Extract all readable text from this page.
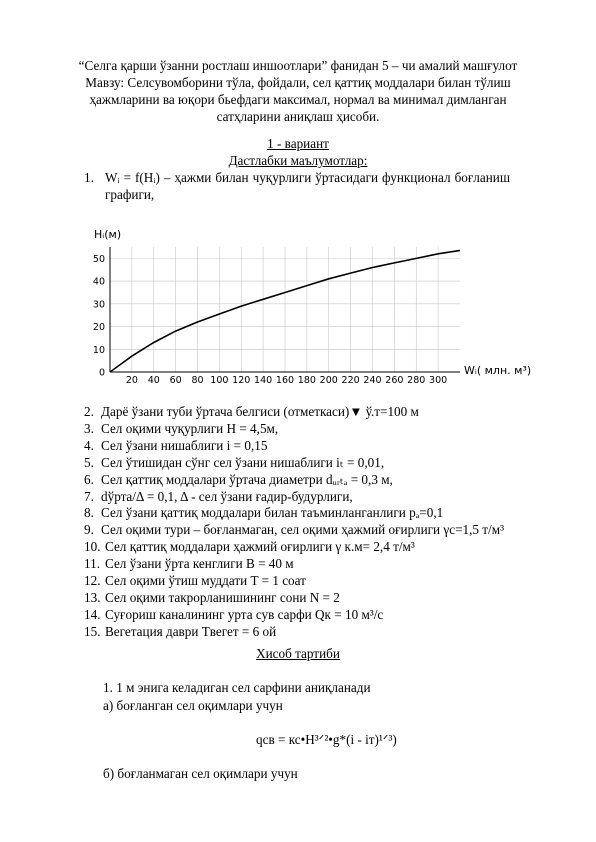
“Селга қарши ўзанни ростлаш иншоотлари” фанидан 5 – чи амалий машғулот
Мавзу: Селсувомборини тўла, фойдали, сел қаттиқ моддалари билан тўлиш
ҳажмларини ва юқори бьефдаги максимал, нормал ва минимал димланган
сатҳларини аниқлаш ҳисоби.
1 - вариант
Дастлабки маълумотлар:
1. Wᵢ = f(Hᵢ) – ҳажми билан чуқурлиги ўртасидаги функционал боғланиш графиги,
20 40 60 80 100 120 140 160 180 200 220 240 260 280 300
0
10
20
30
40
50
Hᵢ(м)
Wᵢ( млн. м³)
2. Дарё ўзани туби ўртача белгиси (отметкаси)▼ ў.т=100 м
3. Сел оқими чуқурлиги H = 4,5м,
4. Сел ўзани нишаблиги i = 0,15
5. Сел ўтишидан сўнг сел ўзани нишаблиги iₜ = 0,01,
6. Сел қаттиқ моддалари ўртача диаметри dᵤᵣₜₐ = 0,3 м,
7. dўртa/Δ = 0,1, Δ - сел ўзани ғадир-будурлиги,
8. Сел ўзани қаттиқ моддалари билан таъминланганлиги pₐ=0,1
9. Сел оқими тури – боғланмаган, сел оқими ҳажмий оғирлиги γc=1,5 т/м³
10. Сел қаттиқ моддалари ҳажмий оғирлиги γ к.м= 2,4 т/м³
11. Сел ўзани ўрта кенглиги B = 40 м
12. Сел оқими ўтиш муддати T = 1 соат
13. Сел оқими такрорланишининг сони N = 2
14. Суғориш каналининг урта сув сарфи Qк = 10 м³/с
15. Вегетация даври Tвегет = 6 ой
Хисоб тартиби
1. 1 м энига келадиган сел сарфини аниқланади
а) боғланган сел оқимлари учун
qсв = кс•H³ᐟ²•g*(i - iт)¹ᐟ³)
б) боғланмаган сел оқимлари учун
